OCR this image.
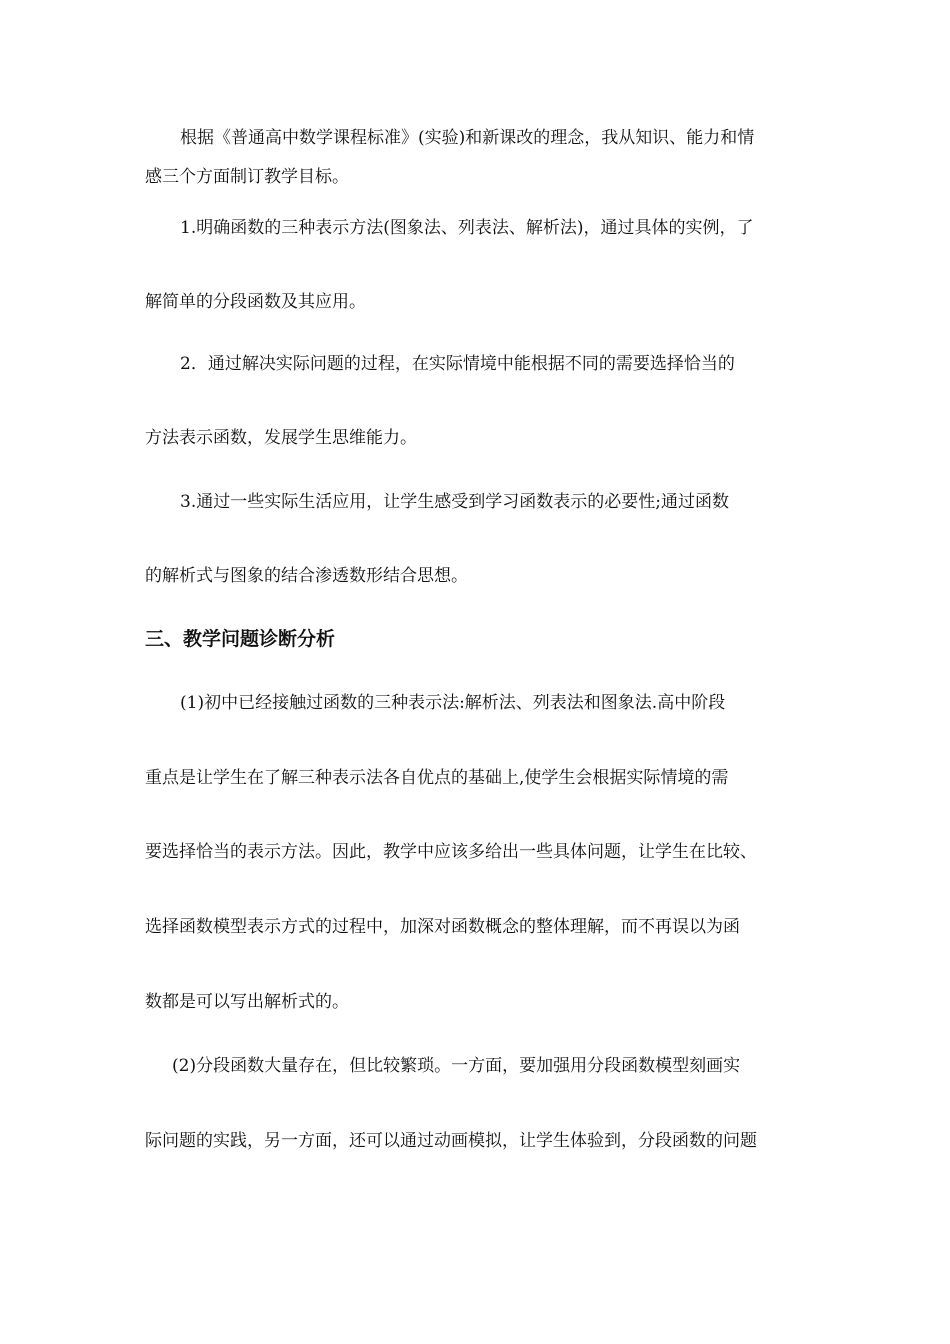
根据《普通高中数学课程标准》(实验)和新课改的理念，我从知识、能力和情
感三个方面制订教学目标。
1.明确函数的三种表示方法(图象法、列表法、解析法)，通过具体的实例，了
解简单的分段函数及其应用。
2．通过解决实际问题的过程，在实际情境中能根据不同的需要选择恰当的
方法表示函数，发展学生思维能力。
3.通过一些实际生活应用，让学生感受到学习函数表示的必要性;通过函数
的解析式与图象的结合渗透数形结合思想。
三、教学问题诊断分析
(1)初中已经接触过函数的三种表示法:解析法、列表法和图象法.高中阶段
重点是让学生在了解三种表示法各自优点的基础上,使学生会根据实际情境的需
要选择恰当的表示方法。因此，教学中应该多给出一些具体问题，让学生在比较、
选择函数模型表示方式的过程中，加深对函数概念的整体理解，而不再误以为函
数都是可以写出解析式的。
(2)分段函数大量存在，但比较繁琐。一方面，要加强用分段函数模型刻画实
际问题的实践，另一方面，还可以通过动画模拟，让学生体验到，分段函数的问题
